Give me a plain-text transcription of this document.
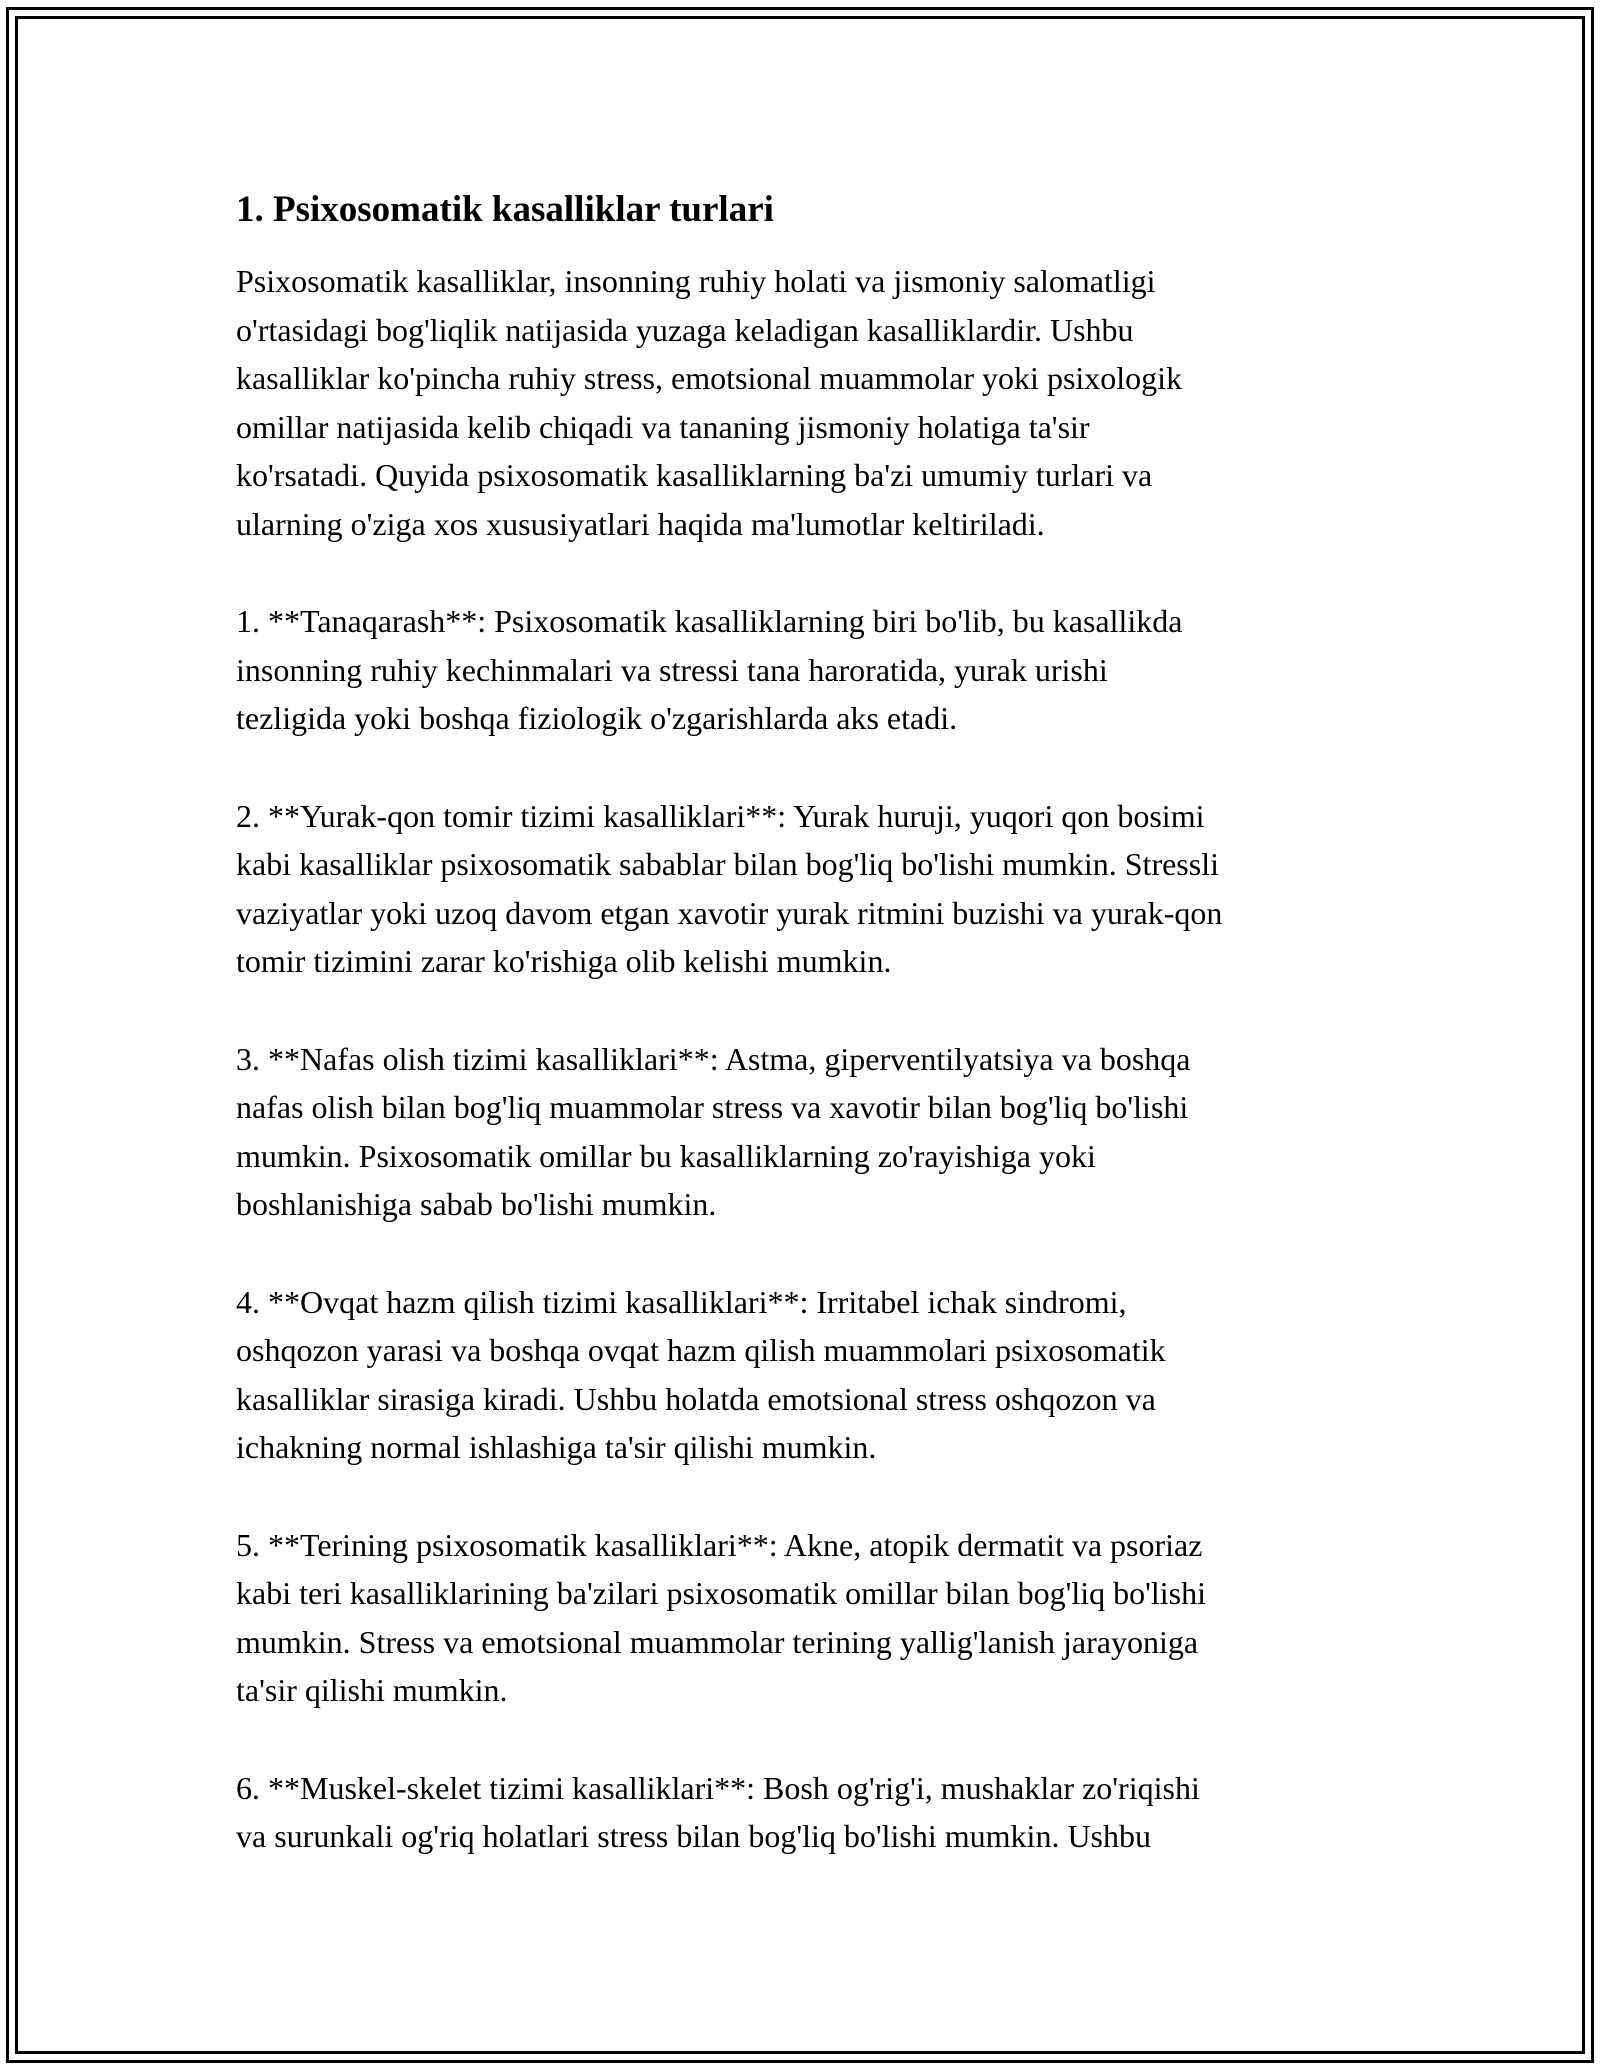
1. Psixosomatik kasalliklar turlari

Psixosomatik kasalliklar, insonning ruhiy holati va jismoniy salomatligi
o'rtasidagi bog'liqlik natijasida yuzaga keladigan kasalliklardir. Ushbu
kasalliklar ko'pincha ruhiy stress, emotsional muammolar yoki psixologik
omillar natijasida kelib chiqadi va tananing jismoniy holatiga ta'sir
ko'rsatadi. Quyida psixosomatik kasalliklarning ba'zi umumiy turlari va
ularning o'ziga xos xususiyatlari haqida ma'lumotlar keltiriladi.

1. **Tanaqarash**: Psixosomatik kasalliklarning biri bo'lib, bu kasallikda
insonning ruhiy kechinmalari va stressi tana haroratida, yurak urishi
tezligida yoki boshqa fiziologik o'zgarishlarda aks etadi.

2. **Yurak-qon tomir tizimi kasalliklari**: Yurak huruji, yuqori qon bosimi
kabi kasalliklar psixosomatik sabablar bilan bog'liq bo'lishi mumkin. Stressli
vaziyatlar yoki uzoq davom etgan xavotir yurak ritmini buzishi va yurak-qon
tomir tizimini zarar ko'rishiga olib kelishi mumkin.

3. **Nafas olish tizimi kasalliklari**: Astma, giperventilyatsiya va boshqa
nafas olish bilan bog'liq muammolar stress va xavotir bilan bog'liq bo'lishi
mumkin. Psixosomatik omillar bu kasalliklarning zo'rayishiga yoki
boshlanishiga sabab bo'lishi mumkin.

4. **Ovqat hazm qilish tizimi kasalliklari**: Irritabel ichak sindromi,
oshqozon yarasi va boshqa ovqat hazm qilish muammolari psixosomatik
kasalliklar sirasiga kiradi. Ushbu holatda emotsional stress oshqozon va
ichakning normal ishlashiga ta'sir qilishi mumkin.

5. **Terining psixosomatik kasalliklari**: Akne, atopik dermatit va psoriaz
kabi teri kasalliklarining ba'zilari psixosomatik omillar bilan bog'liq bo'lishi
mumkin. Stress va emotsional muammolar terining yallig'lanish jarayoniga
ta'sir qilishi mumkin.

6. **Muskel-skelet tizimi kasalliklari**: Bosh og'rig'i, mushaklar zo'riqishi
va surunkali og'riq holatlari stress bilan bog'liq bo'lishi mumkin. Ushbu
